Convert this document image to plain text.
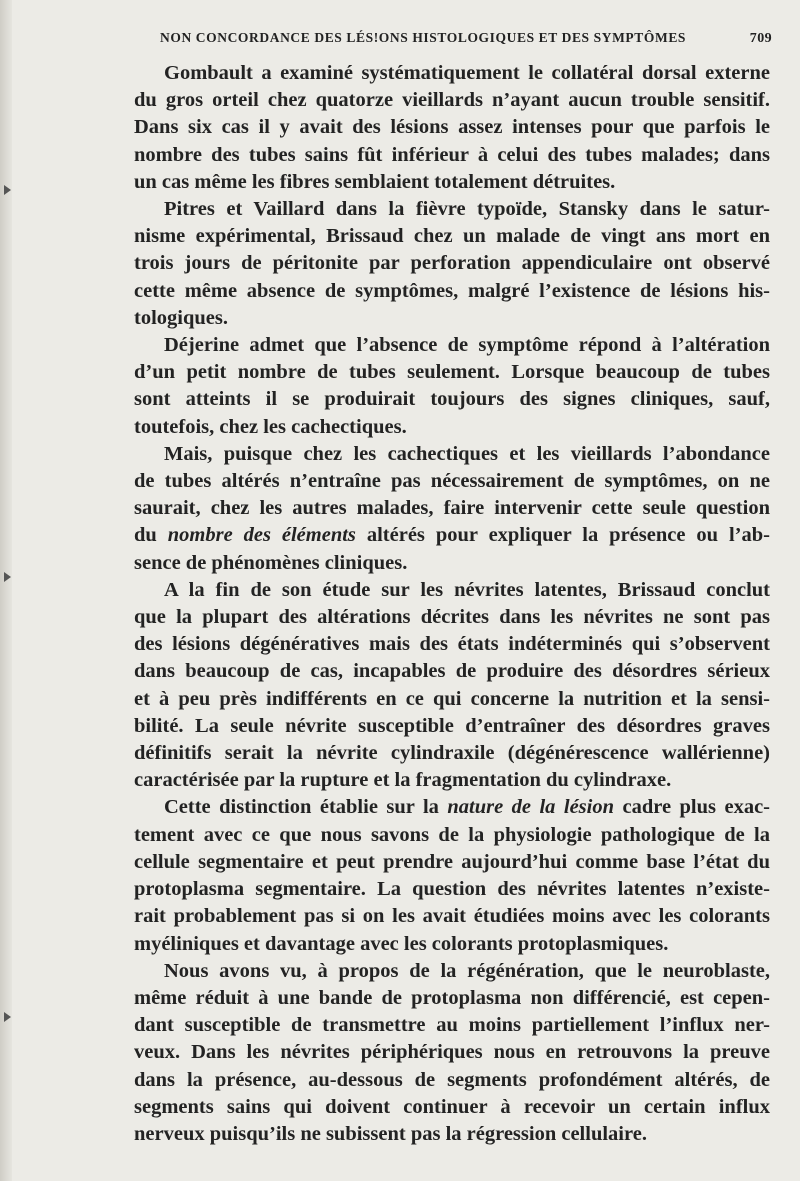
NON CONCORDANCE DES LÉS!ONS HISTOLOGIQUES ET DES SYMPTÔMES	709

Gombault a examiné systématiquement le collatéral dorsal externe
du gros orteil chez quatorze vieillards n’ayant aucun trouble sensitif.
Dans six cas il y avait des lésions assez intenses pour que parfois le
nombre des tubes sains fût inférieur à celui des tubes malades; dans
un cas même les fibres semblaient totalement détruites.

Pitres et Vaillard dans la fièvre typoïde, Stansky dans le satur-
nisme expérimental, Brissaud chez un malade de vingt ans mort en
trois jours de péritonite par perforation appendiculaire ont observé
cette même absence de symptômes, malgré l’existence de lésions his-
tologiques.

Déjerine admet que l’absence de symptôme répond à l’altération
d’un petit nombre de tubes seulement. Lorsque beaucoup de tubes
sont atteints il se produirait toujours des signes cliniques, sauf,
toutefois, chez les cachectiques.

Mais, puisque chez les cachectiques et les vieillards l’abondance
de tubes altérés n’entraîne pas nécessairement de symptômes, on ne
saurait, chez les autres malades, faire intervenir cette seule question
du nombre des éléments altérés pour expliquer la présence ou l’ab-
sence de phénomènes cliniques.

A la fin de son étude sur les névrites latentes, Brissaud conclut
que la plupart des altérations décrites dans les névrites ne sont pas
des lésions dégénératives mais des états indéterminés qui s’observent
dans beaucoup de cas, incapables de produire des désordres sérieux
et à peu près indifférents en ce qui concerne la nutrition et la sensi-
bilité. La seule névrite susceptible d’entraîner des désordres graves
définitifs serait la névrite cylindraxile (dégénérescence wallérienne)
caractérisée par la rupture et la fragmentation du cylindraxe.

Cette distinction établie sur la nature de la lésion cadre plus exac-
tement avec ce que nous savons de la physiologie pathologique de la
cellule segmentaire et peut prendre aujourd’hui comme base l’état du
protoplasma segmentaire. La question des névrites latentes n’existe-
rait probablement pas si on les avait étudiées moins avec les colorants
myéliniques et davantage avec les colorants protoplasmiques.

Nous avons vu, à propos de la régénération, que le neuroblaste,
même réduit à une bande de protoplasma non différencié, est cepen-
dant susceptible de transmettre au moins partiellement l’influx ner-
veux. Dans les névrites périphériques nous en retrouvons la preuve
dans la présence, au-dessous de segments profondément altérés, de
segments sains qui doivent continuer à recevoir un certain influx
nerveux puisqu’ils ne subissent pas la régression cellulaire.
